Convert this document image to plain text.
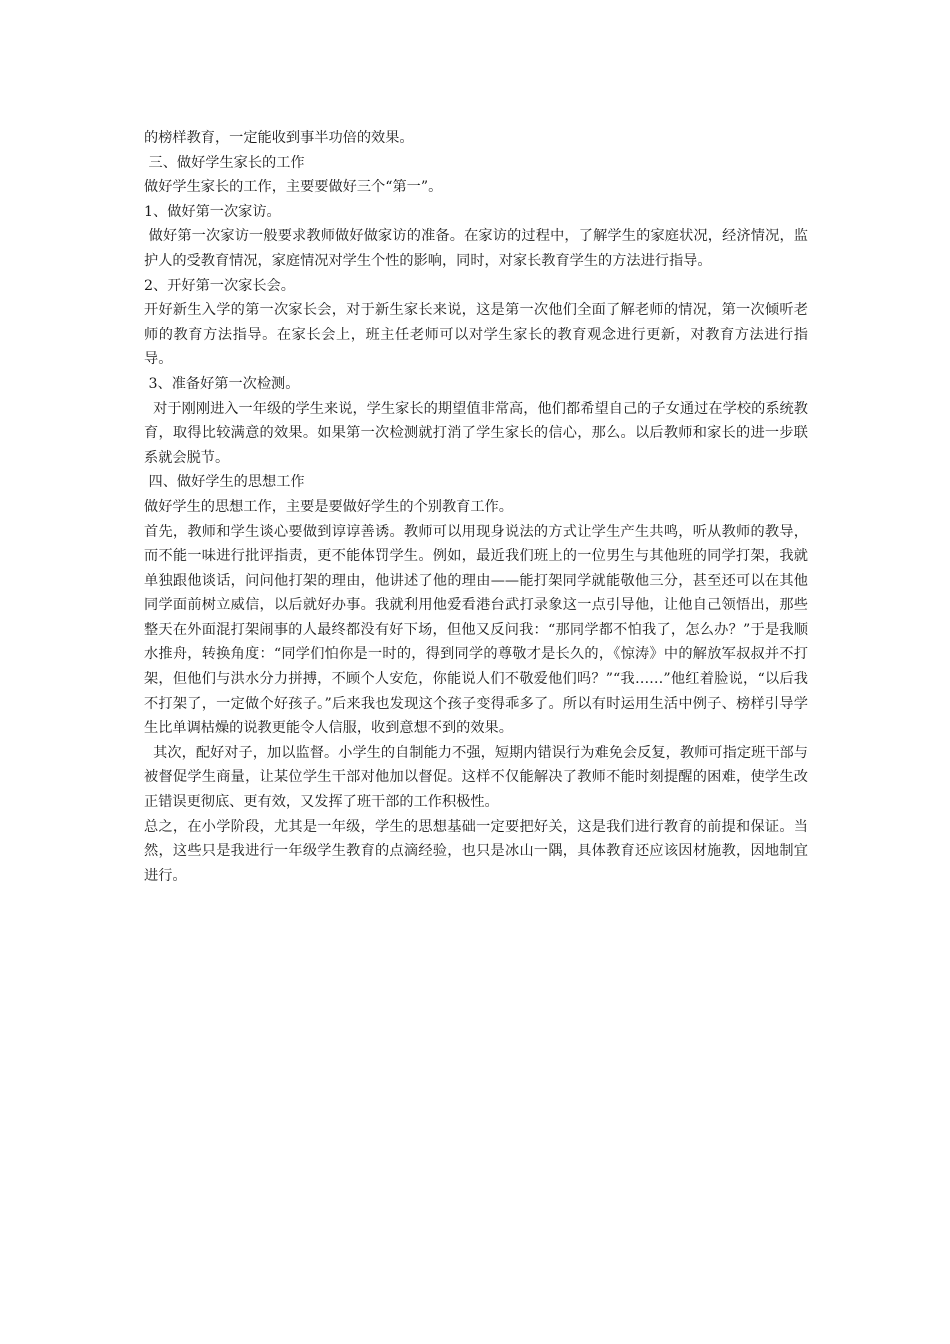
的榜样教育，一定能收到事半功倍的效果。

三、做好学生家长的工作

做好学生家长的工作，主要要做好三个“第一”。

1、做好第一次家访。

做好第一次家访一般要求教师做好做家访的准备。在家访的过程中，了解学生的家庭状况，经济情况，监护人的受教育情况，家庭情况对学生个性的影响，同时，对家长教育学生的方法进行指导。

2、开好第一次家长会。

开好新生入学的第一次家长会，对于新生家长来说，这是第一次他们全面了解老师的情况，第一次倾听老师的教育方法指导。在家长会上，班主任老师可以对学生家长的教育观念进行更新，对教育方法进行指导。

3、准备好第一次检测。

对于刚刚进入一年级的学生来说，学生家长的期望值非常高，他们都希望自己的子女通过在学校的系统教育，取得比较满意的效果。如果第一次检测就打消了学生家长的信心，那么。以后教师和家长的进一步联系就会脱节。

四、做好学生的思想工作

做好学生的思想工作，主要是要做好学生的个别教育工作。

首先，教师和学生谈心要做到谆谆善诱。教师可以用现身说法的方式让学生产生共鸣，听从教师的教导，而不能一味进行批评指责，更不能体罚学生。例如，最近我们班上的一位男生与其他班的同学打架，我就单独跟他谈话，问问他打架的理由，他讲述了他的理由——能打架同学就能敬他三分，甚至还可以在其他同学面前树立威信，以后就好办事。我就利用他爱看港台武打录象这一点引导他，让他自己领悟出，那些整天在外面混打架闹事的人最终都没有好下场，但他又反问我：“那同学都不怕我了，怎么办？”于是我顺水推舟，转换角度：“同学们怕你是一时的，得到同学的尊敬才是长久的，《惊涛》中的解放军叔叔并不打架，但他们与洪水分力拼搏，不顾个人安危，你能说人们不敬爱他们吗？”“我……”他红着脸说，“以后我不打架了，一定做个好孩子。”后来我也发现这个孩子变得乖多了。所以有时运用生活中例子、榜样引导学生比单调枯燥的说教更能令人信服，收到意想不到的效果。

其次，配好对子，加以监督。小学生的自制能力不强，短期内错误行为难免会反复，教师可指定班干部与被督促学生商量，让某位学生干部对他加以督促。这样不仅能解决了教师不能时刻提醒的困难，使学生改正错误更彻底、更有效，又发挥了班干部的工作积极性。

总之，在小学阶段，尤其是一年级，学生的思想基础一定要把好关，这是我们进行教育的前提和保证。当然，这些只是我进行一年级学生教育的点滴经验，也只是冰山一隅，具体教育还应该因材施教，因地制宜进行。
